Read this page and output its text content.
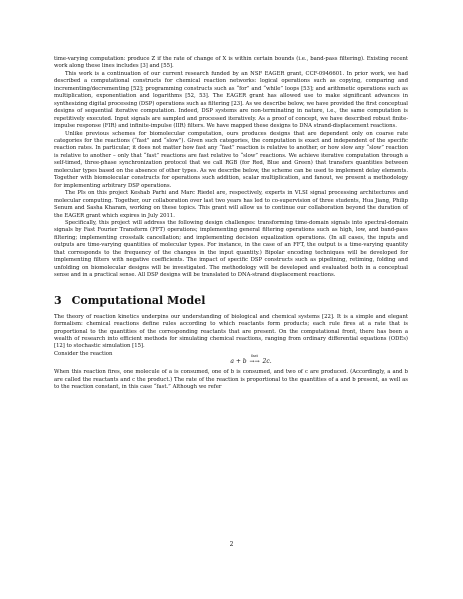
time-varying computation: produce Z if the rate of change of X is within certain bounds (i.e., band-pass filtering). Existing recent work along these lines includes [3] and [55].

This work is a continuation of our current research funded by an NSF EAGER grant, CCF-0946601. In prior work, we had described a computational constructs for chemical reaction networks: logical operations such as copying, comparing and incrementing/decrementing [52]; programming constructs such as “for” and “while” loops [53]; and arithmetic operations such as multiplication, exponentiation and logarithms [52, 53]. The EAGER grant has allowed use to make significant advances in synthesizing digital processing (DSP) operations such as filtering [23]. As we describe below, we have provided the first conceptual designs of sequential iterative computation. Indeed, DSP systems are non-terminating in nature, i.e., the same computation is repetitively executed. Input signals are sampled and processed iteratively. As a proof of concept, we have described robust finite-impulse response (FIR) and infinite-impulse (IIR) filters. We have mapped these designs to DNA strand-displacement reactions.

Unlike previous schemes for biomolecular computation, ours produces designs that are dependent only on coarse rate categories for the reactions (“fast” and “slow”). Given such categories, the computation is exact and independent of the specific reaction rates. In particular, it does not matter how fast any “fast” reaction is relative to another, or how slow any “slow” reaction is relative to another – only that “fast” reactions are fast relative to “slow” reactions. We achieve iterative computation through a self-timed, three-phase synchronization protocol that we call RGB (for Red, Blue and Green) that transfers quantities between molecular types based on the absence of other types. As we describe below, the scheme can be used to implement delay elements. Together with biomolecular constructs for operations such addition, scalar multiplication, and fanout, we present a methodology for implementing arbitrary DSP operations.

The PIs on this project Keshab Parhi and Marc Riedel are, respectively, experts in VLSI signal processing architectures and molecular computing. Together, our collaboration over last two years has led to co-supervision of three students, Hua Jiang, Philip Senum and Sasha Kharam, working on these topics. This grant will allow us to continue our collaboration beyond the duration of the EAGER grant which expires in July 2011.

Specifically, this project will address the following design challenges: transforming time-domain signals into spectral-domain signals by Fast Fourier Transform (FFT) operations; implementing general filtering operations such as high, low, and band-pass filtering; implementing crosstalk cancellation; and implementing decision equalization operations. (In all cases, the inputs and outputs are time-varying quantities of molecular types. For instance, in the case of an FFT, the output is a time-varying quantity that corresponds to the frequency of the changes in the input quantity.) Bipolar encoding techniques will be developed for implementing filters with negative coefficients. The impact of specific DSP constructs such as pipelining, retiming, folding and unfolding on biomolecular designs will be investigated. The methodology will be developed and evaluated both in a conceptual sense and in a practical sense. All DSP designs will be translated to DNA-strand displacement reactions.

3 Computational Model

The theory of reaction kinetics underpins our understanding of biological and chemical systems [22]. It is a simple and elegant formalism: chemical reactions define rules according to which reactants form products; each rule fires at a rate that is proportional to the quantities of the corresponding reactants that are present. On the computational front, there has been a wealth of research into efficient methods for simulating chemical reactions, ranging from ordinary differential equations (ODEs) [12] to stochastic simulation [15].

Consider the reaction

a + b
fast
→→ 2c.

When this reaction fires, one molecule of a is consumed, one of b is consumed, and two of c are produced. (Accordingly, a and b are called the reactants and c the product.) The rate of the reaction is proportional to the quantities of a and b present, as well as to the reaction constant, in this case “fast.” Although we refer

2
